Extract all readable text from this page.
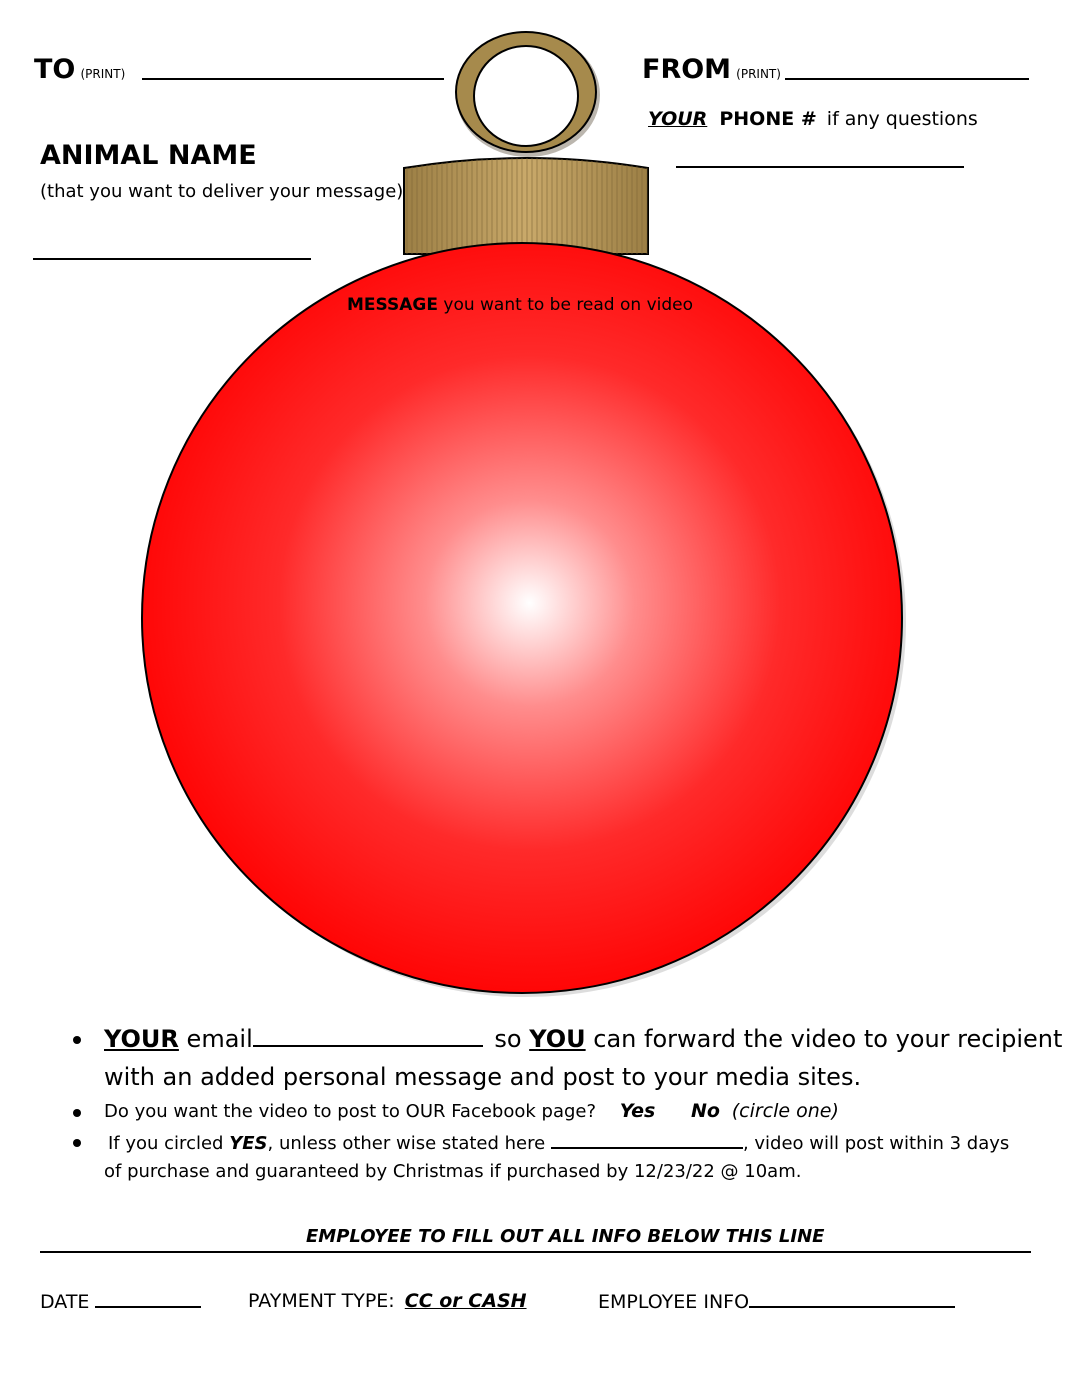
TO (PRINT)	FROM (PRINT)
YOUR PHONE # if any questions
ANIMAL NAME
(that you want to deliver your message)
MESSAGE you want to be read on video
YOUR email	so YOU can forward the video to your recipient
with an added personal message and post to your media sites.
Do you want the video to post to OUR Facebook page? Yes No (circle one)
If you circled YES, unless other wise stated here	, video will post within 3 days
of purchase and guaranteed by Christmas if purchased by 12/23/22 @ 10am.
EMPLOYEE TO FILL OUT ALL INFO BELOW THIS LINE
DATE	PAYMENT TYPE: CC or CASH	EMPLOYEE INFO
